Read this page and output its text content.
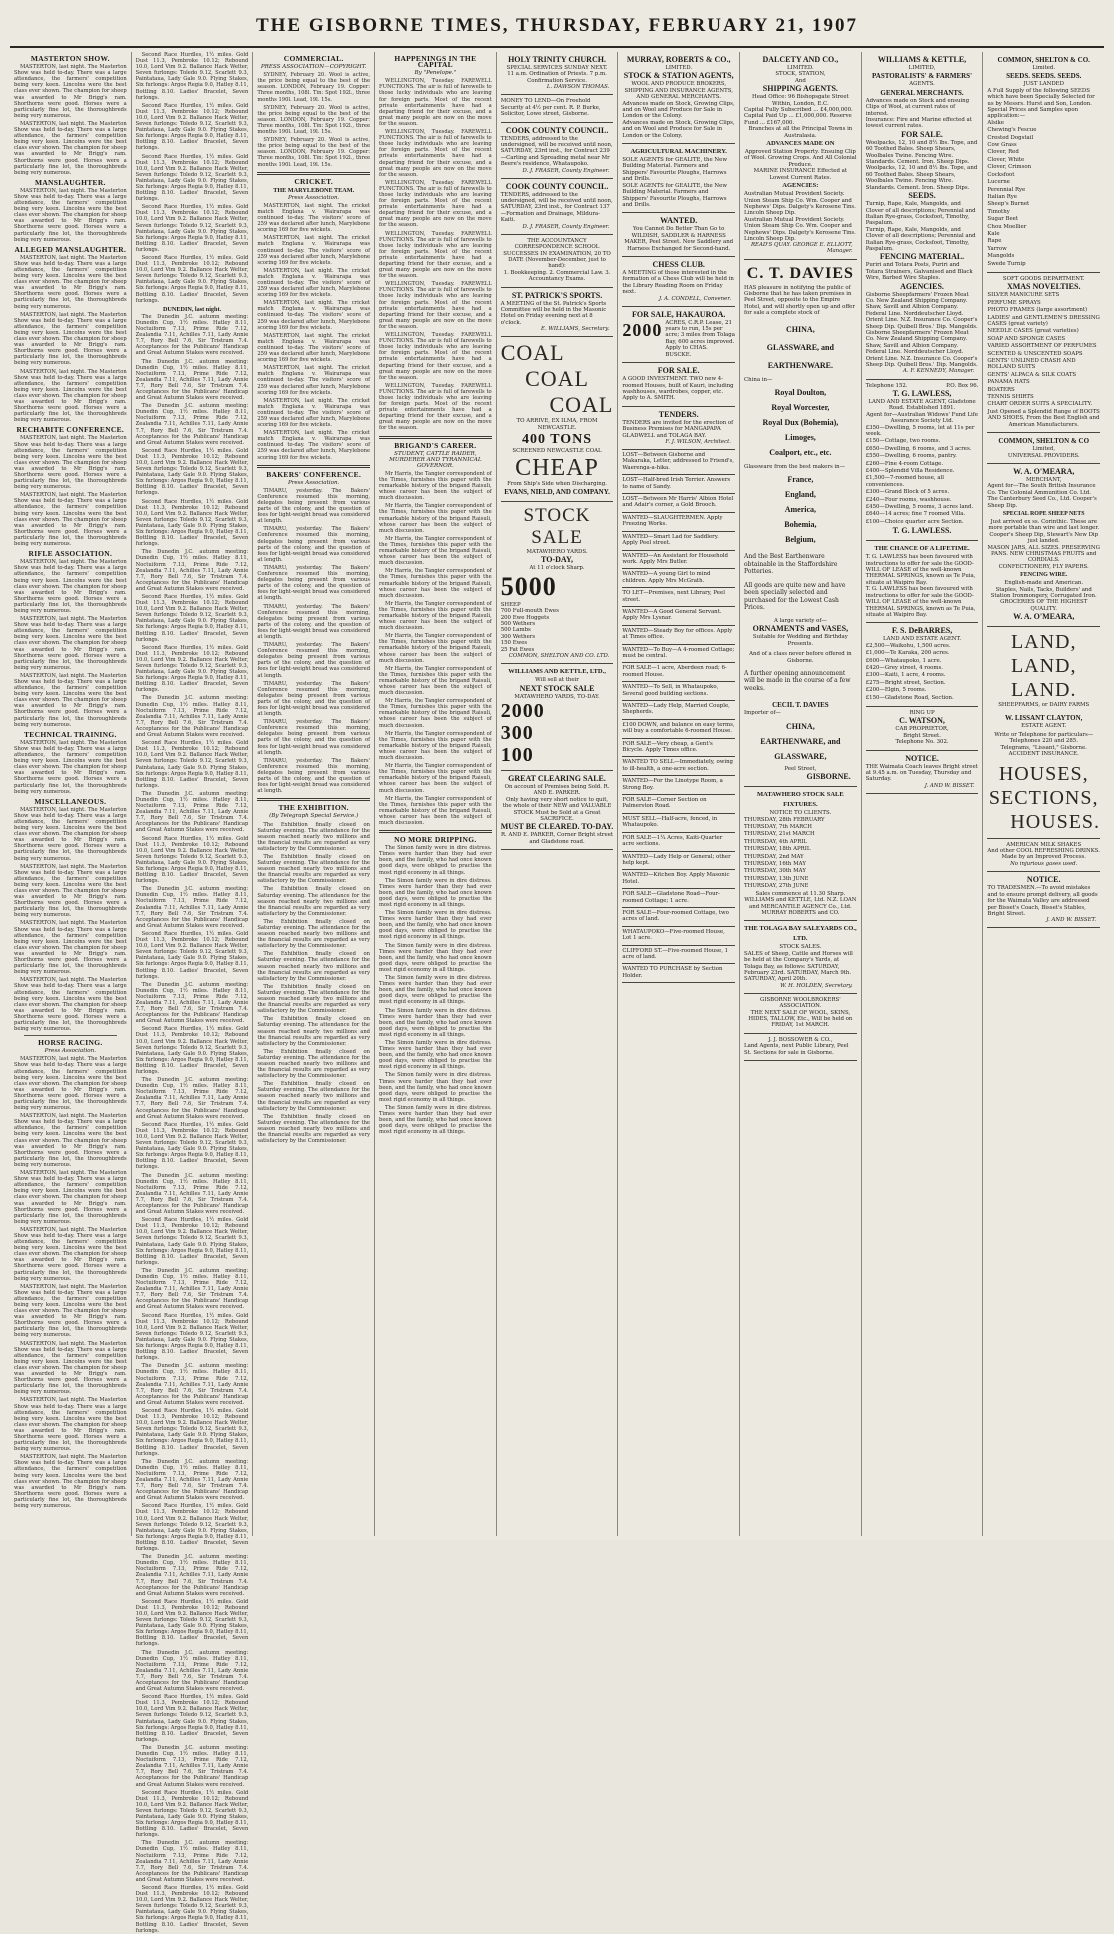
THE GISBORNE TIMES, THURSDAY, FEBRUARY 21, 1907
MASTERTON SHOW.

MASTERTON, last night. The Masterton Show was held to-day. There was a large attendance, the farmers' competition being very keen. Lincolns were the best class ever shown. The champion for sheep was awarded to Mr Brigg's ram. Shorthorns were good. Horses were a particularly fine lot, the thoroughbreds being very numerous.

MASTERTON, last night. The Masterton Show was held to-day. There was a large attendance, the farmers' competition being very keen. Lincolns were the best class ever shown. The champion for sheep was awarded to Mr Brigg's ram. Shorthorns were good. Horses were a particularly fine lot, the thoroughbreds being very numerous.

MANSLAUGHTER.

MASTERTON, last night. The Masterton Show was held to-day. There was a large attendance, the farmers' competition being very keen. Lincolns were the best class ever shown. The champion for sheep was awarded to Mr Brigg's ram. Shorthorns were good. Horses were a particularly fine lot, the thoroughbreds being very numerous.

ALLEGED MANSLAUGHTER.

MASTERTON, last night. The Masterton Show was held to-day. There was a large attendance, the farmers' competition being very keen. Lincolns were the best class ever shown. The champion for sheep was awarded to Mr Brigg's ram. Shorthorns were good. Horses were a particularly fine lot, the thoroughbreds being very numerous.

MASTERTON, last night. The Masterton Show was held to-day. There was a large attendance, the farmers' competition being very keen. Lincolns were the best class ever shown. The champion for sheep was awarded to Mr Brigg's ram. Shorthorns were good. Horses were a particularly fine lot, the thoroughbreds being very numerous.

MASTERTON, last night. The Masterton Show was held to-day. There was a large attendance, the farmers' competition being very keen. Lincolns were the best class ever shown. The champion for sheep was awarded to Mr Brigg's ram. Shorthorns were good. Horses were a particularly fine lot, the thoroughbreds being very numerous.

RECHABITE CONFERENCE.

MASTERTON, last night. The Masterton Show was held to-day. There was a large attendance, the farmers' competition being very keen. Lincolns were the best class ever shown. The champion for sheep was awarded to Mr Brigg's ram. Shorthorns were good. Horses were a particularly fine lot, the thoroughbreds being very numerous.

MASTERTON, last night. The Masterton Show was held to-day. There was a large attendance, the farmers' competition being very keen. Lincolns were the best class ever shown. The champion for sheep was awarded to Mr Brigg's ram. Shorthorns were good. Horses were a particularly fine lot, the thoroughbreds being very numerous.

RIFLE ASSOCIATION.

MASTERTON, last night. The Masterton Show was held to-day. There was a large attendance, the farmers' competition being very keen. Lincolns were the best class ever shown. The champion for sheep was awarded to Mr Brigg's ram. Shorthorns were good. Horses were a particularly fine lot, the thoroughbreds being very numerous.

MASTERTON, last night. The Masterton Show was held to-day. There was a large attendance, the farmers' competition being very keen. Lincolns were the best class ever shown. The champion for sheep was awarded to Mr Brigg's ram. Shorthorns were good. Horses were a particularly fine lot, the thoroughbreds being very numerous.

MASTERTON, last night. The Masterton Show was held to-day. There was a large attendance, the farmers' competition being very keen. Lincolns were the best class ever shown. The champion for sheep was awarded to Mr Brigg's ram. Shorthorns were good. Horses were a particularly fine lot, the thoroughbreds being very numerous.

TECHNICAL TRAINING.

MASTERTON, last night. The Masterton Show was held to-day. There was a large attendance, the farmers' competition being very keen. Lincolns were the best class ever shown. The champion for sheep was awarded to Mr Brigg's ram. Shorthorns were good. Horses were a particularly fine lot, the thoroughbreds being very numerous.

MISCELLANEOUS.

MASTERTON, last night. The Masterton Show was held to-day. There was a large attendance, the farmers' competition being very keen. Lincolns were the best class ever shown. The champion for sheep was awarded to Mr Brigg's ram. Shorthorns were good. Horses were a particularly fine lot, the thoroughbreds being very numerous.

MASTERTON, last night. The Masterton Show was held to-day. There was a large attendance, the farmers' competition being very keen. Lincolns were the best class ever shown. The champion for sheep was awarded to Mr Brigg's ram. Shorthorns were good. Horses were a particularly fine lot, the thoroughbreds being very numerous.

MASTERTON, last night. The Masterton Show was held to-day. There was a large attendance, the farmers' competition being very keen. Lincolns were the best class ever shown. The champion for sheep was awarded to Mr Brigg's ram. Shorthorns were good. Horses were a particularly fine lot, the thoroughbreds being very numerous.

MASTERTON, last night. The Masterton Show was held to-day. There was a large attendance, the farmers' competition being very keen. Lincolns were the best class ever shown. The champion for sheep was awarded to Mr Brigg's ram. Shorthorns were good. Horses were a particularly fine lot, the thoroughbreds being very numerous.

HORSE RACING.
Press Association.

MASTERTON, last night. The Masterton Show was held to-day. There was a large attendance, the farmers' competition being very keen. Lincolns were the best class ever shown. The champion for sheep was awarded to Mr Brigg's ram. Shorthorns were good. Horses were a particularly fine lot, the thoroughbreds being very numerous.

MASTERTON, last night. The Masterton Show was held to-day. There was a large attendance, the farmers' competition being very keen. Lincolns were the best class ever shown. The champion for sheep was awarded to Mr Brigg's ram. Shorthorns were good. Horses were a particularly fine lot, the thoroughbreds being very numerous.

MASTERTON, last night. The Masterton Show was held to-day. There was a large attendance, the farmers' competition being very keen. Lincolns were the best class ever shown. The champion for sheep was awarded to Mr Brigg's ram. Shorthorns were good. Horses were a particularly fine lot, the thoroughbreds being very numerous.

MASTERTON, last night. The Masterton Show was held to-day. There was a large attendance, the farmers' competition being very keen. Lincolns were the best class ever shown. The champion for sheep was awarded to Mr Brigg's ram. Shorthorns were good. Horses were a particularly fine lot, the thoroughbreds being very numerous.

MASTERTON, last night. The Masterton Show was held to-day. There was a large attendance, the farmers' competition being very keen. Lincolns were the best class ever shown. The champion for sheep was awarded to Mr Brigg's ram. Shorthorns were good. Horses were a particularly fine lot, the thoroughbreds being very numerous.

MASTERTON, last night. The Masterton Show was held to-day. There was a large attendance, the farmers' competition being very keen. Lincolns were the best class ever shown. The champion for sheep was awarded to Mr Brigg's ram. Shorthorns were good. Horses were a particularly fine lot, the thoroughbreds being very numerous.

MASTERTON, last night. The Masterton Show was held to-day. There was a large attendance, the farmers' competition being very keen. Lincolns were the best class ever shown. The champion for sheep was awarded to Mr Brigg's ram. Shorthorns were good. Horses were a particularly fine lot, the thoroughbreds being very numerous.

MASTERTON, last night. The Masterton Show was held to-day. There was a large attendance, the farmers' competition being very keen. Lincolns were the best class ever shown. The champion for sheep was awarded to Mr Brigg's ram. Shorthorns were good. Horses were a particularly fine lot, the thoroughbreds being very numerous.

Second Race Hurdles, 1½ miles. Gold Dust 11.3, Pembroke 10.12; Rebound 10.0, Lord Vim 9.2. Ballance Hack Welter, Seven furlongs: Toledo 9.12, Scarlett 9.3, Paintataua, Lady Gale 9.0. Flying Stakes, Six furlongs: Argos Regia 9.0, Hatley 8.11, Bottling 8.10. Ladies' Bracelet, Seven furlongs.

Second Race Hurdles, 1½ miles. Gold Dust 11.3, Pembroke 10.12; Rebound 10.0, Lord Vim 9.2. Ballance Hack Welter, Seven furlongs: Toledo 9.12, Scarlett 9.3, Paintataua, Lady Gale 9.0. Flying Stakes, Six furlongs: Argos Regia 9.0, Hatley 8.11, Bottling 8.10. Ladies' Bracelet, Seven furlongs.

Second Race Hurdles, 1½ miles. Gold Dust 11.3, Pembroke 10.12; Rebound 10.0, Lord Vim 9.2. Ballance Hack Welter, Seven furlongs: Toledo 9.12, Scarlett 9.3, Paintataua, Lady Gale 9.0. Flying Stakes, Six furlongs: Argos Regia 9.0, Hatley 8.11, Bottling 8.10. Ladies' Bracelet, Seven furlongs.

Second Race Hurdles, 1½ miles. Gold Dust 11.3, Pembroke 10.12; Rebound 10.0, Lord Vim 9.2. Ballance Hack Welter, Seven furlongs: Toledo 9.12, Scarlett 9.3, Paintataua, Lady Gale 9.0. Flying Stakes, Six furlongs: Argos Regia 9.0, Hatley 8.11, Bottling 8.10. Ladies' Bracelet, Seven furlongs.

Second Race Hurdles, 1½ miles. Gold Dust 11.3, Pembroke 10.12; Rebound 10.0, Lord Vim 9.2. Ballance Hack Welter, Seven furlongs: Toledo 9.12, Scarlett 9.3, Paintataua, Lady Gale 9.0. Flying Stakes, Six furlongs: Argos Regia 9.0, Hatley 8.11, Bottling 8.10. Ladies' Bracelet, Seven furlongs.

DUNEDIN, last night.

The Dunedin J.C. autumn meeting: Dunedin Cup, 1½ miles. Hatley 8.11, Noctuiform 7.13, Prime Ride 7.12, Zealandia 7.11, Achilles 7.11, Lady Annie 7.7, Rory Bell 7.6, Sir Tristram 7.4. Acceptances for the Publicans' Handicap and Great Autumn Stakes were received.

The Dunedin J.C. autumn meeting: Dunedin Cup, 1½ miles. Hatley 8.11, Noctuiform 7.13, Prime Ride 7.12, Zealandia 7.11, Achilles 7.11, Lady Annie 7.7, Rory Bell 7.6, Sir Tristram 7.4. Acceptances for the Publicans' Handicap and Great Autumn Stakes were received.

The Dunedin J.C. autumn meeting: Dunedin Cup, 1½ miles. Hatley 8.11, Noctuiform 7.13, Prime Ride 7.12, Zealandia 7.11, Achilles 7.11, Lady Annie 7.7, Rory Bell 7.6, Sir Tristram 7.4. Acceptances for the Publicans' Handicap and Great Autumn Stakes were received.

Second Race Hurdles, 1½ miles. Gold Dust 11.3, Pembroke 10.12; Rebound 10.0, Lord Vim 9.2. Ballance Hack Welter, Seven furlongs: Toledo 9.12, Scarlett 9.3, Paintataua, Lady Gale 9.0. Flying Stakes, Six furlongs: Argos Regia 9.0, Hatley 8.11, Bottling 8.10. Ladies' Bracelet, Seven furlongs.

Second Race Hurdles, 1½ miles. Gold Dust 11.3, Pembroke 10.12; Rebound 10.0, Lord Vim 9.2. Ballance Hack Welter, Seven furlongs: Toledo 9.12, Scarlett 9.3, Paintataua, Lady Gale 9.0. Flying Stakes, Six furlongs: Argos Regia 9.0, Hatley 8.11, Bottling 8.10. Ladies' Bracelet, Seven furlongs.

The Dunedin J.C. autumn meeting: Dunedin Cup, 1½ miles. Hatley 8.11, Noctuiform 7.13, Prime Ride 7.12, Zealandia 7.11, Achilles 7.11, Lady Annie 7.7, Rory Bell 7.6, Sir Tristram 7.4. Acceptances for the Publicans' Handicap and Great Autumn Stakes were received.

Second Race Hurdles, 1½ miles. Gold Dust 11.3, Pembroke 10.12; Rebound 10.0, Lord Vim 9.2. Ballance Hack Welter, Seven furlongs: Toledo 9.12, Scarlett 9.3, Paintataua, Lady Gale 9.0. Flying Stakes, Six furlongs: Argos Regia 9.0, Hatley 8.11, Bottling 8.10. Ladies' Bracelet, Seven furlongs.

Second Race Hurdles, 1½ miles. Gold Dust 11.3, Pembroke 10.12; Rebound 10.0, Lord Vim 9.2. Ballance Hack Welter, Seven furlongs: Toledo 9.12, Scarlett 9.3, Paintataua, Lady Gale 9.0. Flying Stakes, Six furlongs: Argos Regia 9.0, Hatley 8.11, Bottling 8.10. Ladies' Bracelet, Seven furlongs.

The Dunedin J.C. autumn meeting: Dunedin Cup, 1½ miles. Hatley 8.11, Noctuiform 7.13, Prime Ride 7.12, Zealandia 7.11, Achilles 7.11, Lady Annie 7.7, Rory Bell 7.6, Sir Tristram 7.4. Acceptances for the Publicans' Handicap and Great Autumn Stakes were received.

Second Race Hurdles, 1½ miles. Gold Dust 11.3, Pembroke 10.12; Rebound 10.0, Lord Vim 9.2. Ballance Hack Welter, Seven furlongs: Toledo 9.12, Scarlett 9.3, Paintataua, Lady Gale 9.0. Flying Stakes, Six furlongs: Argos Regia 9.0, Hatley 8.11, Bottling 8.10. Ladies' Bracelet, Seven furlongs.

The Dunedin J.C. autumn meeting: Dunedin Cup, 1½ miles. Hatley 8.11, Noctuiform 7.13, Prime Ride 7.12, Zealandia 7.11, Achilles 7.11, Lady Annie 7.7, Rory Bell 7.6, Sir Tristram 7.4. Acceptances for the Publicans' Handicap and Great Autumn Stakes were received.

Second Race Hurdles, 1½ miles. Gold Dust 11.3, Pembroke 10.12; Rebound 10.0, Lord Vim 9.2. Ballance Hack Welter, Seven furlongs: Toledo 9.12, Scarlett 9.3, Paintataua, Lady Gale 9.0. Flying Stakes, Six furlongs: Argos Regia 9.0, Hatley 8.11, Bottling 8.10. Ladies' Bracelet, Seven furlongs.

The Dunedin J.C. autumn meeting: Dunedin Cup, 1½ miles. Hatley 8.11, Noctuiform 7.13, Prime Ride 7.12, Zealandia 7.11, Achilles 7.11, Lady Annie 7.7, Rory Bell 7.6, Sir Tristram 7.4. Acceptances for the Publicans' Handicap and Great Autumn Stakes were received.

Second Race Hurdles, 1½ miles. Gold Dust 11.3, Pembroke 10.12; Rebound 10.0, Lord Vim 9.2. Ballance Hack Welter, Seven furlongs: Toledo 9.12, Scarlett 9.3, Paintataua, Lady Gale 9.0. Flying Stakes, Six furlongs: Argos Regia 9.0, Hatley 8.11, Bottling 8.10. Ladies' Bracelet, Seven furlongs.

The Dunedin J.C. autumn meeting: Dunedin Cup, 1½ miles. Hatley 8.11, Noctuiform 7.13, Prime Ride 7.12, Zealandia 7.11, Achilles 7.11, Lady Annie 7.7, Rory Bell 7.6, Sir Tristram 7.4. Acceptances for the Publicans' Handicap and Great Autumn Stakes were received.

Second Race Hurdles, 1½ miles. Gold Dust 11.3, Pembroke 10.12; Rebound 10.0, Lord Vim 9.2. Ballance Hack Welter, Seven furlongs: Toledo 9.12, Scarlett 9.3, Paintataua, Lady Gale 9.0. Flying Stakes, Six furlongs: Argos Regia 9.0, Hatley 8.11, Bottling 8.10. Ladies' Bracelet, Seven furlongs.

The Dunedin J.C. autumn meeting: Dunedin Cup, 1½ miles. Hatley 8.11, Noctuiform 7.13, Prime Ride 7.12, Zealandia 7.11, Achilles 7.11, Lady Annie 7.7, Rory Bell 7.6, Sir Tristram 7.4. Acceptances for the Publicans' Handicap and Great Autumn Stakes were received.

Second Race Hurdles, 1½ miles. Gold Dust 11.3, Pembroke 10.12; Rebound 10.0, Lord Vim 9.2. Ballance Hack Welter, Seven furlongs: Toledo 9.12, Scarlett 9.3, Paintataua, Lady Gale 9.0. Flying Stakes, Six furlongs: Argos Regia 9.0, Hatley 8.11, Bottling 8.10. Ladies' Bracelet, Seven furlongs.

The Dunedin J.C. autumn meeting: Dunedin Cup, 1½ miles. Hatley 8.11, Noctuiform 7.13, Prime Ride 7.12, Zealandia 7.11, Achilles 7.11, Lady Annie 7.7, Rory Bell 7.6, Sir Tristram 7.4. Acceptances for the Publicans' Handicap and Great Autumn Stakes were received.

Second Race Hurdles, 1½ miles. Gold Dust 11.3, Pembroke 10.12; Rebound 10.0, Lord Vim 9.2. Ballance Hack Welter, Seven furlongs: Toledo 9.12, Scarlett 9.3, Paintataua, Lady Gale 9.0. Flying Stakes, Six furlongs: Argos Regia 9.0, Hatley 8.11, Bottling 8.10. Ladies' Bracelet, Seven furlongs.

The Dunedin J.C. autumn meeting: Dunedin Cup, 1½ miles. Hatley 8.11, Noctuiform 7.13, Prime Ride 7.12, Zealandia 7.11, Achilles 7.11, Lady Annie 7.7, Rory Bell 7.6, Sir Tristram 7.4. Acceptances for the Publicans' Handicap and Great Autumn Stakes were received.

Second Race Hurdles, 1½ miles. Gold Dust 11.3, Pembroke 10.12; Rebound 10.0, Lord Vim 9.2. Ballance Hack Welter, Seven furlongs: Toledo 9.12, Scarlett 9.3, Paintataua, Lady Gale 9.0. Flying Stakes, Six furlongs: Argos Regia 9.0, Hatley 8.11, Bottling 8.10. Ladies' Bracelet, Seven furlongs.

The Dunedin J.C. autumn meeting: Dunedin Cup, 1½ miles. Hatley 8.11, Noctuiform 7.13, Prime Ride 7.12, Zealandia 7.11, Achilles 7.11, Lady Annie 7.7, Rory Bell 7.6, Sir Tristram 7.4. Acceptances for the Publicans' Handicap and Great Autumn Stakes were received.

Second Race Hurdles, 1½ miles. Gold Dust 11.3, Pembroke 10.12; Rebound 10.0, Lord Vim 9.2. Ballance Hack Welter, Seven furlongs: Toledo 9.12, Scarlett 9.3, Paintataua, Lady Gale 9.0. Flying Stakes, Six furlongs: Argos Regia 9.0, Hatley 8.11, Bottling 8.10. Ladies' Bracelet, Seven furlongs.

The Dunedin J.C. autumn meeting: Dunedin Cup, 1½ miles. Hatley 8.11, Noctuiform 7.13, Prime Ride 7.12, Zealandia 7.11, Achilles 7.11, Lady Annie 7.7, Rory Bell 7.6, Sir Tristram 7.4. Acceptances for the Publicans' Handicap and Great Autumn Stakes were received.

Second Race Hurdles, 1½ miles. Gold Dust 11.3, Pembroke 10.12; Rebound 10.0, Lord Vim 9.2. Ballance Hack Welter, Seven furlongs: Toledo 9.12, Scarlett 9.3, Paintataua, Lady Gale 9.0. Flying Stakes, Six furlongs: Argos Regia 9.0, Hatley 8.11, Bottling 8.10. Ladies' Bracelet, Seven furlongs.

The Dunedin J.C. autumn meeting: Dunedin Cup, 1½ miles. Hatley 8.11, Noctuiform 7.13, Prime Ride 7.12, Zealandia 7.11, Achilles 7.11, Lady Annie 7.7, Rory Bell 7.6, Sir Tristram 7.4. Acceptances for the Publicans' Handicap and Great Autumn Stakes were received.

Second Race Hurdles, 1½ miles. Gold Dust 11.3, Pembroke 10.12; Rebound 10.0, Lord Vim 9.2. Ballance Hack Welter, Seven furlongs: Toledo 9.12, Scarlett 9.3, Paintataua, Lady Gale 9.0. Flying Stakes, Six furlongs: Argos Regia 9.0, Hatley 8.11, Bottling 8.10. Ladies' Bracelet, Seven furlongs.

The Dunedin J.C. autumn meeting: Dunedin Cup, 1½ miles. Hatley 8.11, Noctuiform 7.13, Prime Ride 7.12, Zealandia 7.11, Achilles 7.11, Lady Annie 7.7, Rory Bell 7.6, Sir Tristram 7.4. Acceptances for the Publicans' Handicap and Great Autumn Stakes were received.

Second Race Hurdles, 1½ miles. Gold Dust 11.3, Pembroke 10.12; Rebound 10.0, Lord Vim 9.2. Ballance Hack Welter, Seven furlongs: Toledo 9.12, Scarlett 9.3, Paintataua, Lady Gale 9.0. Flying Stakes, Six furlongs: Argos Regia 9.0, Hatley 8.11, Bottling 8.10. Ladies' Bracelet, Seven furlongs.

The Dunedin J.C. autumn meeting: Dunedin Cup, 1½ miles. Hatley 8.11, Noctuiform 7.13, Prime Ride 7.12, Zealandia 7.11, Achilles 7.11, Lady Annie 7.7, Rory Bell 7.6, Sir Tristram 7.4. Acceptances for the Publicans' Handicap and Great Autumn Stakes were received.

Second Race Hurdles, 1½ miles. Gold Dust 11.3, Pembroke 10.12; Rebound 10.0, Lord Vim 9.2. Ballance Hack Welter, Seven furlongs: Toledo 9.12, Scarlett 9.3, Paintataua, Lady Gale 9.0. Flying Stakes, Six furlongs: Argos Regia 9.0, Hatley 8.11, Bottling 8.10. Ladies' Bracelet, Seven furlongs.

The Dunedin J.C. autumn meeting: Dunedin Cup, 1½ miles. Hatley 8.11, Noctuiform 7.13, Prime Ride 7.12, Zealandia 7.11, Achilles 7.11, Lady Annie 7.7, Rory Bell 7.6, Sir Tristram 7.4. Acceptances for the Publicans' Handicap and Great Autumn Stakes were received.

Second Race Hurdles, 1½ miles. Gold Dust 11.3, Pembroke 10.12; Rebound 10.0, Lord Vim 9.2. Ballance Hack Welter, Seven furlongs: Toledo 9.12, Scarlett 9.3, Paintataua, Lady Gale 9.0. Flying Stakes, Six furlongs: Argos Regia 9.0, Hatley 8.11, Bottling 8.10. Ladies' Bracelet, Seven furlongs.

COMMERCIAL.
PRESS ASSOCIATION—COPYRIGHT.

SYDNEY, February 20. Wool is active, the price being equal to the best of the season. LONDON, February 19. Copper: Three months, 108l. Tin: Spot 192l., three months 190l. Lead, 19l. 15s.

SYDNEY, February 20. Wool is active, the price being equal to the best of the season. LONDON, February 19. Copper: Three months, 108l. Tin: Spot 192l., three months 190l. Lead, 19l. 15s.

SYDNEY, February 20. Wool is active, the price being equal to the best of the season. LONDON, February 19. Copper: Three months, 108l. Tin: Spot 192l., three months 190l. Lead, 19l. 15s.

CRICKET.
THE MARYLEBONE TEAM.
Press Association.

MASTERTON, last night. The cricket match Englana v. Wairarapa was continued to-day. The visitors' score of 259 was declared after lunch, Marylebone scoring 169 for five wickets.

MASTERTON, last night. The cricket match Englana v. Wairarapa was continued to-day. The visitors' score of 259 was declared after lunch, Marylebone scoring 169 for five wickets.

MASTERTON, last night. The cricket match Englana v. Wairarapa was continued to-day. The visitors' score of 259 was declared after lunch, Marylebone scoring 169 for five wickets.

MASTERTON, last night. The cricket match Englana v. Wairarapa was continued to-day. The visitors' score of 259 was declared after lunch, Marylebone scoring 169 for five wickets.

MASTERTON, last night. The cricket match Englana v. Wairarapa was continued to-day. The visitors' score of 259 was declared after lunch, Marylebone scoring 169 for five wickets.

MASTERTON, last night. The cricket match Englana v. Wairarapa was continued to-day. The visitors' score of 259 was declared after lunch, Marylebone scoring 169 for five wickets.

MASTERTON, last night. The cricket match Englana v. Wairarapa was continued to-day. The visitors' score of 259 was declared after lunch, Marylebone scoring 169 for five wickets.

MASTERTON, last night. The cricket match Englana v. Wairarapa was continued to-day. The visitors' score of 259 was declared after lunch, Marylebone scoring 169 for five wickets.

BAKERS' CONFERENCE.
Press Association.

TIMARU, yesterday. The Bakers' Conference resumed this morning, delegates being present from various parts of the colony, and the question of fees for light-weight bread was considered at length.

TIMARU, yesterday. The Bakers' Conference resumed this morning, delegates being present from various parts of the colony, and the question of fees for light-weight bread was considered at length.

TIMARU, yesterday. The Bakers' Conference resumed this morning, delegates being present from various parts of the colony, and the question of fees for light-weight bread was considered at length.

TIMARU, yesterday. The Bakers' Conference resumed this morning, delegates being present from various parts of the colony, and the question of fees for light-weight bread was considered at length.

TIMARU, yesterday. The Bakers' Conference resumed this morning, delegates being present from various parts of the colony, and the question of fees for light-weight bread was considered at length.

TIMARU, yesterday. The Bakers' Conference resumed this morning, delegates being present from various parts of the colony, and the question of fees for light-weight bread was considered at length.

TIMARU, yesterday. The Bakers' Conference resumed this morning, delegates being present from various parts of the colony, and the question of fees for light-weight bread was considered at length.

TIMARU, yesterday. The Bakers' Conference resumed this morning, delegates being present from various parts of the colony, and the question of fees for light-weight bread was considered at length.

THE EXHIBITION.
(By Telegraph Special Service.)

The Exhibition finally closed on Saturday evening. The attendance for the season reached nearly two millions and the financial results are regarded as very satisfactory by the Commissioner.

The Exhibition finally closed on Saturday evening. The attendance for the season reached nearly two millions and the financial results are regarded as very satisfactory by the Commissioner.

The Exhibition finally closed on Saturday evening. The attendance for the season reached nearly two millions and the financial results are regarded as very satisfactory by the Commissioner.

The Exhibition finally closed on Saturday evening. The attendance for the season reached nearly two millions and the financial results are regarded as very satisfactory by the Commissioner.

The Exhibition finally closed on Saturday evening. The attendance for the season reached nearly two millions and the financial results are regarded as very satisfactory by the Commissioner.

The Exhibition finally closed on Saturday evening. The attendance for the season reached nearly two millions and the financial results are regarded as very satisfactory by the Commissioner.

The Exhibition finally closed on Saturday evening. The attendance for the season reached nearly two millions and the financial results are regarded as very satisfactory by the Commissioner.

The Exhibition finally closed on Saturday evening. The attendance for the season reached nearly two millions and the financial results are regarded as very satisfactory by the Commissioner.

The Exhibition finally closed on Saturday evening. The attendance for the season reached nearly two millions and the financial results are regarded as very satisfactory by the Commissioner.

The Exhibition finally closed on Saturday evening. The attendance for the season reached nearly two millions and the financial results are regarded as very satisfactory by the Commissioner.

HAPPENINGS IN THE CAPITAL
By "Penelope."

WELLINGTON, Tuesday. FAREWELL FUNCTIONS. The air is full of farewells to those lucky individuals who are leaving for foreign parts. Most of the recent private entertainments have had a departing friend for their excuse, and a great many people are now on the move for the season.

WELLINGTON, Tuesday. FAREWELL FUNCTIONS. The air is full of farewells to those lucky individuals who are leaving for foreign parts. Most of the recent private entertainments have had a departing friend for their excuse, and a great many people are now on the move for the season.

WELLINGTON, Tuesday. FAREWELL FUNCTIONS. The air is full of farewells to those lucky individuals who are leaving for foreign parts. Most of the recent private entertainments have had a departing friend for their excuse, and a great many people are now on the move for the season.

WELLINGTON, Tuesday. FAREWELL FUNCTIONS. The air is full of farewells to those lucky individuals who are leaving for foreign parts. Most of the recent private entertainments have had a departing friend for their excuse, and a great many people are now on the move for the season.

WELLINGTON, Tuesday. FAREWELL FUNCTIONS. The air is full of farewells to those lucky individuals who are leaving for foreign parts. Most of the recent private entertainments have had a departing friend for their excuse, and a great many people are now on the move for the season.

WELLINGTON, Tuesday. FAREWELL FUNCTIONS. The air is full of farewells to those lucky individuals who are leaving for foreign parts. Most of the recent private entertainments have had a departing friend for their excuse, and a great many people are now on the move for the season.

WELLINGTON, Tuesday. FAREWELL FUNCTIONS. The air is full of farewells to those lucky individuals who are leaving for foreign parts. Most of the recent private entertainments have had a departing friend for their excuse, and a great many people are now on the move for the season.

BRIGAND'S CAREER.
STUDENT, CATTLE RAIDER, MURDERER AND TYRANNICAL GOVERNOR.

Mr Harris, the Tangier correspondent of the Times, furnishes this paper with the remarkable history of the brigand Raisuli, whose career has been the subject of much discussion.

Mr Harris, the Tangier correspondent of the Times, furnishes this paper with the remarkable history of the brigand Raisuli, whose career has been the subject of much discussion.

Mr Harris, the Tangier correspondent of the Times, furnishes this paper with the remarkable history of the brigand Raisuli, whose career has been the subject of much discussion.

Mr Harris, the Tangier correspondent of the Times, furnishes this paper with the remarkable history of the brigand Raisuli, whose career has been the subject of much discussion.

Mr Harris, the Tangier correspondent of the Times, furnishes this paper with the remarkable history of the brigand Raisuli, whose career has been the subject of much discussion.

Mr Harris, the Tangier correspondent of the Times, furnishes this paper with the remarkable history of the brigand Raisuli, whose career has been the subject of much discussion.

Mr Harris, the Tangier correspondent of the Times, furnishes this paper with the remarkable history of the brigand Raisuli, whose career has been the subject of much discussion.

Mr Harris, the Tangier correspondent of the Times, furnishes this paper with the remarkable history of the brigand Raisuli, whose career has been the subject of much discussion.

Mr Harris, the Tangier correspondent of the Times, furnishes this paper with the remarkable history of the brigand Raisuli, whose career has been the subject of much discussion.

Mr Harris, the Tangier correspondent of the Times, furnishes this paper with the remarkable history of the brigand Raisuli, whose career has been the subject of much discussion.

Mr Harris, the Tangier correspondent of the Times, furnishes this paper with the remarkable history of the brigand Raisuli, whose career has been the subject of much discussion.

NO MORE DRIPPING.

The Simon family were in dire distress. Times were harder than they had ever been, and the family, who had once known good days, were obliged to practise the most rigid economy in all things.

The Simon family were in dire distress. Times were harder than they had ever been, and the family, who had once known good days, were obliged to practise the most rigid economy in all things.

The Simon family were in dire distress. Times were harder than they had ever been, and the family, who had once known good days, were obliged to practise the most rigid economy in all things.

The Simon family were in dire distress. Times were harder than they had ever been, and the family, who had once known good days, were obliged to practise the most rigid economy in all things.

The Simon family were in dire distress. Times were harder than they had ever been, and the family, who had once known good days, were obliged to practise the most rigid economy in all things.

The Simon family were in dire distress. Times were harder than they had ever been, and the family, who had once known good days, were obliged to practise the most rigid economy in all things.

The Simon family were in dire distress. Times were harder than they had ever been, and the family, who had once known good days, were obliged to practise the most rigid economy in all things.

The Simon family were in dire distress. Times were harder than they had ever been, and the family, who had once known good days, were obliged to practise the most rigid economy in all things.

The Simon family were in dire distress. Times were harder than they had ever been, and the family, who had once known good days, were obliged to practise the most rigid economy in all things.

HOLY TRINITY CHURCH.
SPECIAL SERVICES SUNDAY NEXT.
11 a.m. Ordination of Priests. 7 p.m. Confirmation Service.
L. DAWSON THOMAS.
MONEY TO LEND—On Freehold
Security at 4½ per cent. R. P. Burke, Solicitor, Lowe street, Gisborne.
COOK COUNTY COUNCIL.
TENDERS, addressed to the undersigned, will be received until noon, SATURDAY, 23rd inst., for Contract 239—Carting and Spreading metal near Mr Beere's residence, Whataupoko.
D. J. FRASER, County Engineer.
COOK COUNTY COUNCIL.
TENDERS, addressed to the undersigned, will be received until noon, SATURDAY, 23rd inst., for Contract 137—Formation and Drainage, Mildura-Kaiti.
D. J. FRASER, County Engineer.
THE ACCOUNTANCY CORRESPONDENCE SCHOOL
SUCCESSES IN EXAMINATION, 20 TO DATE (November-December, just to hand):
1. Bookkeeping. 2. Commercial Law. 3. Accountancy Exams.
ST. PATRICK'S SPORTS.
A MEETING of the St. Patrick's Sports Committee will be held in the Masonic Hotel on Friday evening next at 8 o'clock.
E. WILLIAMS, Secretary.
COAL
COAL
COAL
TO ARRIVE, EX ILMA, FROM NEWCASTLE.
400 TONS
SCREENED NEWCASTLE COAL
CHEAP
From Ship's Side when Discharging.
EVANS, NIELD, AND COMPANY.
STOCK SALE
MATAWHERO YARDS.
TO-DAY,
At 11 o'clock Sharp.
5000
SHEEP
700 Full-mouth Ewes
200 Ewe Hoggets
500 Wethers
500 Lambs
300 Wethers
150 Ewes
25 Fat Ewes
COMMON, SHELTON AND CO. LTD.
WILLIAMS AND KETTLE, LTD.,
Will sell at their
NEXT STOCK SALE
MATAWHERO YARDS, TO-DAY.
2000
300
100
GREAT CLEARING SALE.
On account of Premises being Sold. R. AND E. PARKER.
Only having very short notice to quit, the whole of their NEW and VALUABLE STOCK Must be Sold at a Great SACRIFICE.
MUST BE CLEARED. TO-DAY.
R. AND E. PARKER, Corner Bright street and Gladstone road.
MURRAY, ROBERTS & CO.,
LIMITED.
STOCK & STATION AGENTS,
WOOL AND PRODUCE BROKERS, SHIPPING AND INSURANCE AGENTS, AND GENERAL MERCHANTS.
Advances made on Stock, Growing Clips, and on Wool and Produce for Sale in London or the Colony.
Advances made on Stock, Growing Clips, and on Wool and Produce for Sale in London or the Colony.
AGRICULTURAL MACHINERY.
SOLE AGENTS for GEALITE, the New Building Material. Farmers and Shippers' Favourite Ploughs, Harrows and Drills.
SOLE AGENTS for GEALITE, the New Building Material. Farmers and Shippers' Favourite Ploughs, Harrows and Drills.
WANTED.
You Cannot Do Better Than Go to WILDISH, SADDLER & HARNESS MAKER, Peel Street. New Saddlery and Harness Exchanged for Second-hand.
CHESS CLUB.
A MEETING of those interested in the formation of a Chess Club will be held in the Library Reading Room on Friday next.
J. A. CONDELL, Convener.
FOR SALE, HAKAUROA.
2000 ACRES, C.R.P. Lease, 21 years to run, 15s per acre; 3 miles from Tolaga Bay, 600 acres improved. Apply to CHAS. BUSCKE.
FOR SALE.
A GOOD INVESTMENT. TWO new 4-roomed Houses, built of Kauri, including washhouses, wardrobes, copper, etc. Apply to A. SMITH.
TENDERS.
TENDERS are invited for the erection of Business Premises for MANGAPAPA GLADWELL and TOLAGA BAY.
F. J. WILSON, Architect.
LOST—Between Gisborne and Makaraka, Letter, addressed to Friend's, Waerenga-a-hika.
LOST—Half-bred Irish Terrier. Answers to name of Sandy.
LOST—Between Mr Harris' Albion Hotel and Adair's corner, a Gold Brooch.
WANTED—SLAUGHTERMEN. Apply Freezing Works.
WANTED—Smart Lad for Saddlery. Apply Peel street.
WANTED—An Assistant for Household work. Apply Mrs Butler.
WANTED—A young Girl to mind children. Apply Mrs McGrath.
TO LET—Premises, next Library, Peel street.
WANTED—A Good General Servant. Apply Mrs Lysnar.
WANTED—Steady Boy for offices. Apply at Times office.
WANTED—To Buy—A 4-roomed Cottage; must be central.
FOR SALE—1 acre, Aberdeen road; 6-roomed House.
WANTED—To Sell, in Whataupoko, Several good building sections.
WANTED—Lady Help, Married Couple, Shepherds.
£100 DOWN, and balance on easy terms, will buy a comfortable 6-roomed House.
FOR SALE—Very cheap, a Gent's Bicycle. Apply Times office.
WANTED TO SELL—Immediately, owing to ill-health, a one-acre section.
WANTED—For the Linotype Room, a Strong Boy.
FOR SALE—Corner Section on Palmerston Road.
MUST SELL—Half-acre, fenced, in Whataupoko.
FOR SALE—1¼ Acres, Kaiti-Quarter acre sections.
WANTED—Lady Help or General; other help kept.
WANTED—Kitchen Boy. Apply Masonic Hotel.
FOR SALE—Gladstone Road—Four-roomed Cottage; 1 acre.
FOR SALE—Four-roomed Cottage, two acres of land.
WHATAUPOKO—Five-roomed House, Lot 1 acre.
CLIFFORD ST.—Five-roomed House, 1 acre of land.
WANTED TO PURCHASE by Section Holder.
DALCETY AND CO.,
LIMITED.
STOCK, STATION,
And
SHIPPING AGENTS.
Head Office: 96 Bishopsgate Street Within, London, E.C.
Capital Fully Subscribed ... £4,000,000. Capital Paid Up ... £1,000,000. Reserve Fund ... £167,000.
Branches at all the Principal Towns in Australasia.
ADVANCES MADE ON
Approved Station Property. Ensuing Clip of Wool. Growing Crops. And All Colonial Produce.
MARINE INSURANCE Effected at Lowest Current Rates.
AGENCIES:
Australian Mutual Provident Society. Union Steam Ship Co. Wm. Cooper and Nephews' Dips. Dalgety's Kerosene Tins. Lincoln Sheep Dip.
Australian Mutual Provident Society. Union Steam Ship Co. Wm. Cooper and Nephews' Dips. Dalgety's Kerosene Tins. Lincoln Sheep Dip.
READ'S QUAY. GEORGE E. ELLIOTT, Manager.
C. T. DAVIES
HAS pleasure in notifying the public of Gisborne that he has taken premises in Peel Street, opposite to the Empire Hotel, and will shortly open up and offer for sale a complete stock of
CHINA,
GLASSWARE, and
EARTHENWARE.
China in—
Royal Doulton,
Royal Worcester,
Royal Dux (Bohemia),
Limoges,
Coalport, etc., etc.
Glassware from the best makers in—
France,
England,
America,
Bohemia,
Belgium,
And the Best Earthenware obtainable in the Staffordshire Potteries.
All goods are quite new and have been specially selected and purchased for the Lowest Cash Prices.
A large variety of—
ORNAMENTS and VASES,
Suitable for Wedding and Birthday Presents.
And of a class never before offered in Gisborne.
A further opening announcement will be made in the course of a few weeks.
CECIL T. DAVIES
Importer of—
CHINA,
EARTHENWARE, and
GLASSWARE,
Peel Street,
GISBORNE.
MATAWHERO STOCK SALE FIXTURES.
NOTICE TO CLIENTS.
THURSDAY, 28th FEBRUARY
THURSDAY, 7th MARCH
THURSDAY, 21st MARCH
THURSDAY, 4th APRIL
THURSDAY, 18th APRIL
THURSDAY, 2nd MAY
THURSDAY, 16th MAY
THURSDAY, 30th MAY
THURSDAY, 13th JUNE
THURSDAY, 27th JUNE
Sales commence at 11.30 Sharp.
WILLIAMS and KETTLE, Ltd. N.Z. LOAN and MERCANTILE AGENCY Co., Ltd. MURRAY ROBERTS and CO.
THE TOLAGA BAY SALEYARDS CO., LTD.
STOCK SALES.
SALES of Sheep, Cattle and Horses will be held at the Company's Yards, at Tolaga Bay, as follows: SATURDAY, February 23rd. SATURDAY, March 9th. SATURDAY, April 20th.
W. H. HOLDEN, Secretary.
GISBORNE WOOLBROKERS' ASSOCIATION.
THE NEXT SALE OF WOOL, SKINS, HIDES, TALLOW, Etc., Will be held on FRIDAY, 1st MARCH.
J. J. BOSSOWER & CO.,
Land Agents, next Public Library, Peel St. Sections for sale in Gisborne.
WILLIAMS & KETTLE,
LIMITED,
PASTORALISTS' & FARMERS'
AGENTS.
GENERAL MERCHANTS.
Advances made on Stock and ensuing Clips of Wool, at current rates of interest.
Insurance: Fire and Marine effected at lowest current rates.
FOR SALE.
Woolpacks, 12, 10 and 8½ lbs. Tope, and 60 Toothed Bales. Sheep Shears, Woolbales Twine. Fencing Wire. Standards. Cement. Iron. Sheep Dips.
Woolpacks, 12, 10 and 8½ lbs. Tope, and 60 Toothed Bales. Sheep Shears, Woolbales Twine. Fencing Wire. Standards. Cement. Iron. Sheep Dips.
SEEDS.
Turnip, Rape, Kale, Mangolds, and Clover of all descriptions; Perennial and Italian Rye-grass, Cocksfoot, Timothy, Paspalum.
Turnip, Rape, Kale, Mangolds, and Clover of all descriptions; Perennial and Italian Rye-grass, Cocksfoot, Timothy, Paspalum.
FENCING MATERIAL.
Puriri and Totara Posts, Puriri and Totara Strainers, Galvanised and Black Wire, Barbed Wire Staples.
AGENCIES.
Gisborne Sheepfarmers' Frozen Meat Co. New Zealand Shipping Company. Shaw, Savill and Albion Company. Federal Line. Norddeutscher Lloyd. Orient Line. N.Z. Insurance Co. Cooper's Sheep Dip. Quibell Bros.' Dip. Mangolds.
Gisborne Sheepfarmers' Frozen Meat Co. New Zealand Shipping Company. Shaw, Savill and Albion Company. Federal Line. Norddeutscher Lloyd. Orient Line. N.Z. Insurance Co. Cooper's Sheep Dip. Quibell Bros.' Dip. Mangolds.
A. F. KENNEDY, Manager.
Telephone 152.	P.O. Box 96.
T. G. LAWLESS,
LAND AND ESTATE AGENT, Gladstone Road. Established 1891.
Agent for—Australian Widows' Fund Life Assurance Society Ltd.
£350—Dwelling, 5 rooms, let at 11s per week.
£150—Cottage, two rooms.
£650—Dwelling, 6 rooms, and 3 acres.
£550—Dwelling, 6 rooms, pantry.
£260—Fine 4-room Cottage.
£400—Splendid Villa Residence.
£1,500—7-roomed house, all conveniences.
£300—Grand Block of 5 acres.
£240—Four rooms, washhouse.
£450—Dwelling, 5 rooms, 3 acres land.
£640—14 acres; fine 7 roomed Villa.
£100—Choice quarter acre Section.
T. G. LAWLESS.
THE CHANCE OF A LIFETIME.
T. G. LAWLESS has been favoured with instructions to offer for sale the GOOD-WILL OF LEASE of the well-known THERMAL SPRINGS, known as Te Puia, situate at Waipiro Bay.
T. G. LAWLESS has been favoured with instructions to offer for sale the GOOD-WILL OF LEASE of the well-known THERMAL SPRINGS, known as Te Puia, situate at Waipiro Bay.
F. S. DeBARRES,
LAND AND ESTATE AGENT.
£2,500—Waikohu, 1,500 acres.
£1,000—Te Karaka, 200 acres.
£600—Whataupoko, 1 acre.
£420—Grey street, 4 rooms.
£300—Kaiti, 1 acre, 4 rooms.
£275—Bright street, Section.
£200—Elgin, 5 rooms.
£150—Gladstone Road, Section.
RING UP
C. WATSON,
CAB PROPRIETOR,
Bright Street.
Telephone No. 302.
NOTICE.
THE Waimata Coach leaves Bright street at 9.45 a.m. on Tuesday, Thursday and Saturday.
J. AND W. BISSET.
COMMON, SHELTON & CO.
Limited.
SEEDS. SEEDS. SEEDS.
JUST LANDED
A Full Supply of the following SEEDS which have been Specially Selected for us by Messrs. Hurst and Son, London. Special Prices and Samples upon application:—
Alsike
Chewing's Fescue
Crested Dogstail
Cow Grass
Clover, Red
Clover, White
Clover, Crimson
Cocksfoot
Lucerne
Perennial Rye
Italian Rye
Sheep's Burnet
Timothy
Sugar Beet
Chou Moellier
Kale
Rape
Yarrow
Mangolds
Swede Turnip
SOFT GOODS DEPARTMENT.
XMAS NOVELTIES.
SILVER MANICURE SETS
PERFUME SPRAYS
PHOTO FRAMES (large assortment)
LADIES' and GENTLEMEN'S DRESSING CASES (great variety)
NEEDLE CASES (great varieties)
SOAP AND SPONGE CASES
VARIED ASSORTMENT OF PERFUMES
SCENTED & UNSCENTED SOAPS
GENTS' UNLINED CRASH AND ROLLAND SUITS
GENTS' ALPACA & SILK COATS
PANAMA HATS
BOATERS
TENNIS SHIRTS
CHART ORDER SUITS A SPECIALITY.
Just Opened a Splendid Range of BOOTS AND SHOES, From the Best English and American Manufacturers.
COMMON, SHELTON & CO
Limited,
UNIVERSAL PROVIDERS.
W. A. O'MEARA,
MERCHANT,
Agent for—The South British Insurance Co. The Colonial Ammunition Co. Ltd. The Canterbury Seed Co., Ltd. Cooper's Sheep Dip.
SPECIAL ROPE SHEEP NETS
Just arrived ex ss. Corinthic. These are more portable than wire and last longer.
Cooper's Sheep Dip, Stewart's New Dip just landed.
MASON JARS, ALL SIZES. PRESERVING PANS. NEW CHRISTMAS FRUITS and CORDIALS.
CONFECTIONERY, FLY PAPERS.
FENCING WIRE.
English-made and American.
Staples, Nails, Tacks, Builders' and Station Ironmongery, Corrugated Iron.
GROCERIES OF THE HIGHEST QUALITY.
W. A. O'MEARA,
LAND, LAND,
LAND.
SHEEPFARMS, or DAIRY FARMS
W. LISSANT CLAYTON,
ESTATE AGENT.
Write or Telephone for particulars—
Telephones 220 and 285.
Telegrams, "Lissant," Gisborne.
ACCIDENT INSURANCE.
HOUSES,
SECTIONS,
HOUSES.
AMERICAN MILK SHAKES
And other COOL REFRESHING DRINKS. Made by an Improved Process.
No injurious gases used.
NOTICE.
TO TRADESMEN.—To avoid mistakes and to ensure prompt delivery, all goods for the Waimata Valley are addressed per Bisset's Coach, Bisset's Stables, Bright Street.
J. AND W. BISSET.
